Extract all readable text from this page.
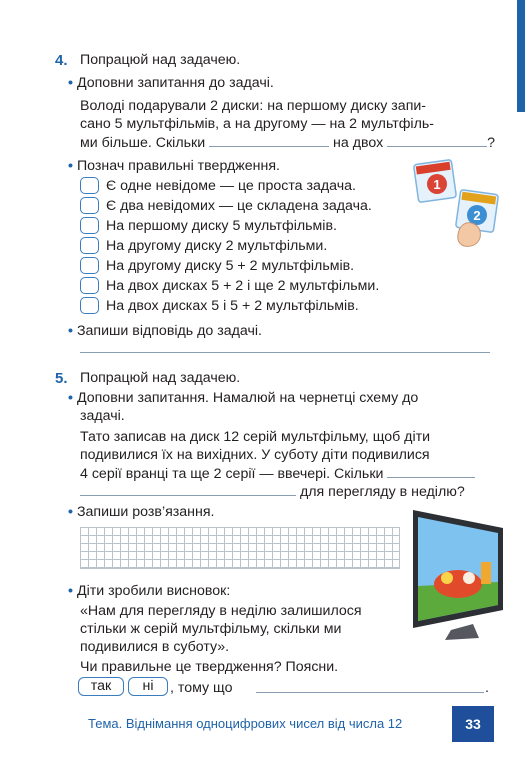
4. Попрацюй над задачею.
• Доповни запитання до задачі.
Володі подарували 2 диски: на першому диску запи-
сано 5 мультфільмів, а на другому — на 2 мультфіль-
ми більше. Скільки	на двох	?
• Познач правильні твердження.
Є одне невідоме — це проста задача.
Є два невідомих — це складена задача.
На першому диску 5 мультфільмів.
На другому диску 2 мультфільми.
На другому диску 5 + 2 мультфільмів.
На двох дисках 5 + 2 і ще 2 мультфільми.
На двох дисках 5 і 5 + 2 мультфільмів.
1
2
• Запиши відповідь до задачі.
5. Попрацюй над задачею.
• Доповни запитання. Намалюй на чернетці схему до
задачі.
Тато записав на диск 12 серій мультфільму, щоб діти
подивилися їх на вихідних. У суботу діти подивилися
4 серії вранці та ще 2 серії — ввечері. Скільки
для перегляду в неділю?
• Запиши розв’язання.
• Діти зробили висновок:
«Нам для перегляду в неділю залишилося
стільки ж серій мультфільму, скільки ми
подивилися в суботу».
Чи правильне це твердження? Поясни.
так	ні	, тому що	.
Тема. Віднімання одноцифрових чисел від числа 12	33
